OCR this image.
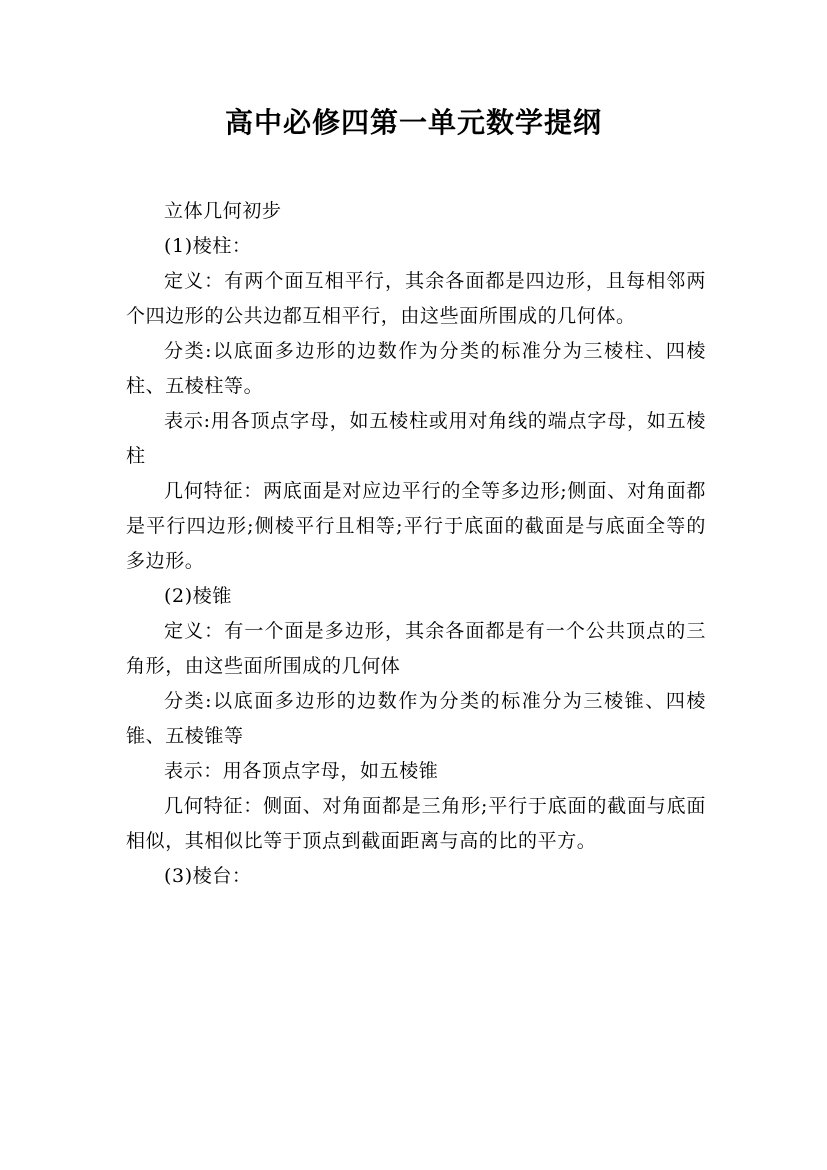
高中必修四第一单元数学提纲

立体几何初步

(1)棱柱：

定义：有两个面互相平行，其余各面都是四边形，且每相邻两个四边形的公共边都互相平行，由这些面所围成的几何体。

分类:以底面多边形的边数作为分类的标准分为三棱柱、四棱柱、五棱柱等。

表示:用各顶点字母，如五棱柱或用对角线的端点字母，如五棱柱

几何特征：两底面是对应边平行的全等多边形;侧面、对角面都是平行四边形;侧棱平行且相等;平行于底面的截面是与底面全等的多边形。

(2)棱锥

定义：有一个面是多边形，其余各面都是有一个公共顶点的三角形，由这些面所围成的几何体

分类:以底面多边形的边数作为分类的标准分为三棱锥、四棱锥、五棱锥等

表示：用各顶点字母，如五棱锥

几何特征：侧面、对角面都是三角形;平行于底面的截面与底面相似，其相似比等于顶点到截面距离与高的比的平方。

(3)棱台：
